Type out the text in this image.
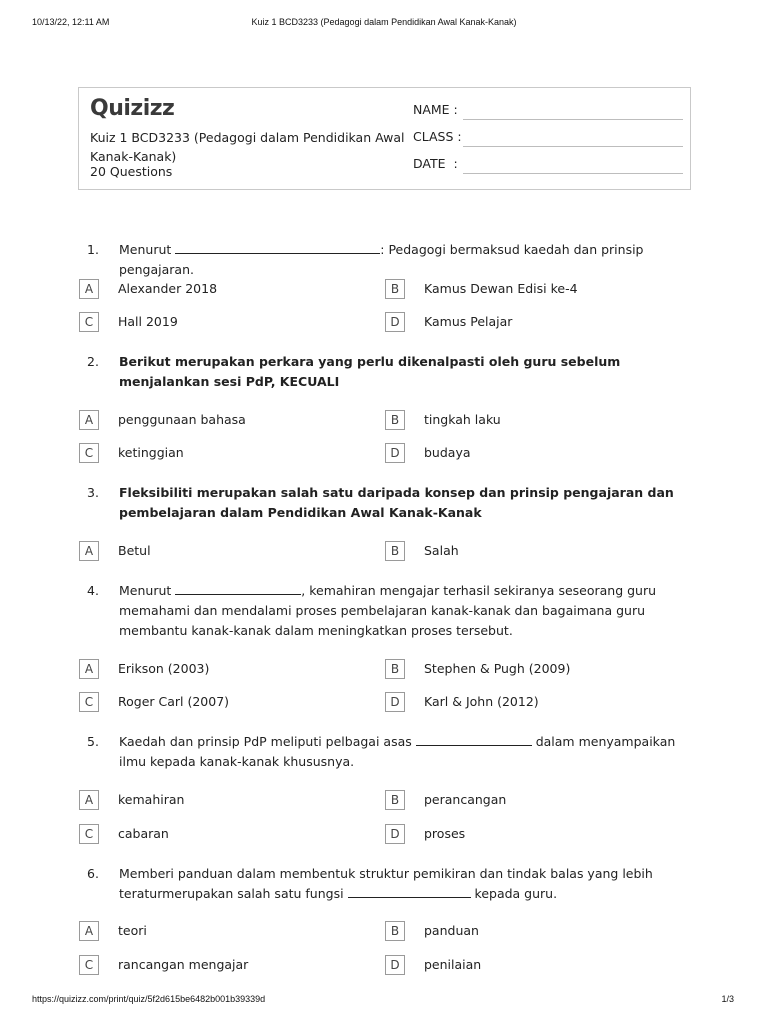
10/13/22, 12:11 AM	Kuiz 1 BCD3233 (Pedagogi dalam Pendidikan Awal Kanak-Kanak)
Quizizz
Kuiz 1 BCD3233 (Pedagogi dalam Pendidikan Awal Kanak-Kanak)
20 Questions
NAME :
CLASS :
DATE  :
1. Menurut	: Pedagogi bermaksud kaedah dan prinsip pengajaran.
A	Alexander 2018	B	Kamus Dewan Edisi ke-4
C	Hall 2019	D	Kamus Pelajar
2. Berikut merupakan perkara yang perlu dikenalpasti oleh guru sebelum menjalankan sesi PdP, KECUALI
A	penggunaan bahasa	B	tingkah laku
C	ketinggian	D	budaya
3. Fleksibiliti merupakan salah satu daripada konsep dan prinsip pengajaran dan pembelajaran dalam Pendidikan Awal Kanak-Kanak
A	Betul	B	Salah
4. Menurut	, kemahiran mengajar terhasil sekiranya seseorang guru memahami dan mendalami proses pembelajaran kanak-kanak dan bagaimana guru membantu kanak-kanak dalam meningkatkan proses tersebut.
A	Erikson (2003)	B	Stephen & Pugh (2009)
C	Roger Carl (2007)	D	Karl & John (2012)
5. Kaedah dan prinsip PdP meliputi pelbagai asas	dalam menyampaikan ilmu kepada kanak-kanak khususnya.
A	kemahiran	B	perancangan
C	cabaran	D	proses
6. Memberi panduan dalam membentuk struktur pemikiran dan tindak balas yang lebih teraturmerupakan salah satu fungsi	kepada guru.
A	teori	B	panduan
C	rancangan mengajar	D	penilaian
https://quizizz.com/print/quiz/5f2d615be6482b001b39339d	1/3
